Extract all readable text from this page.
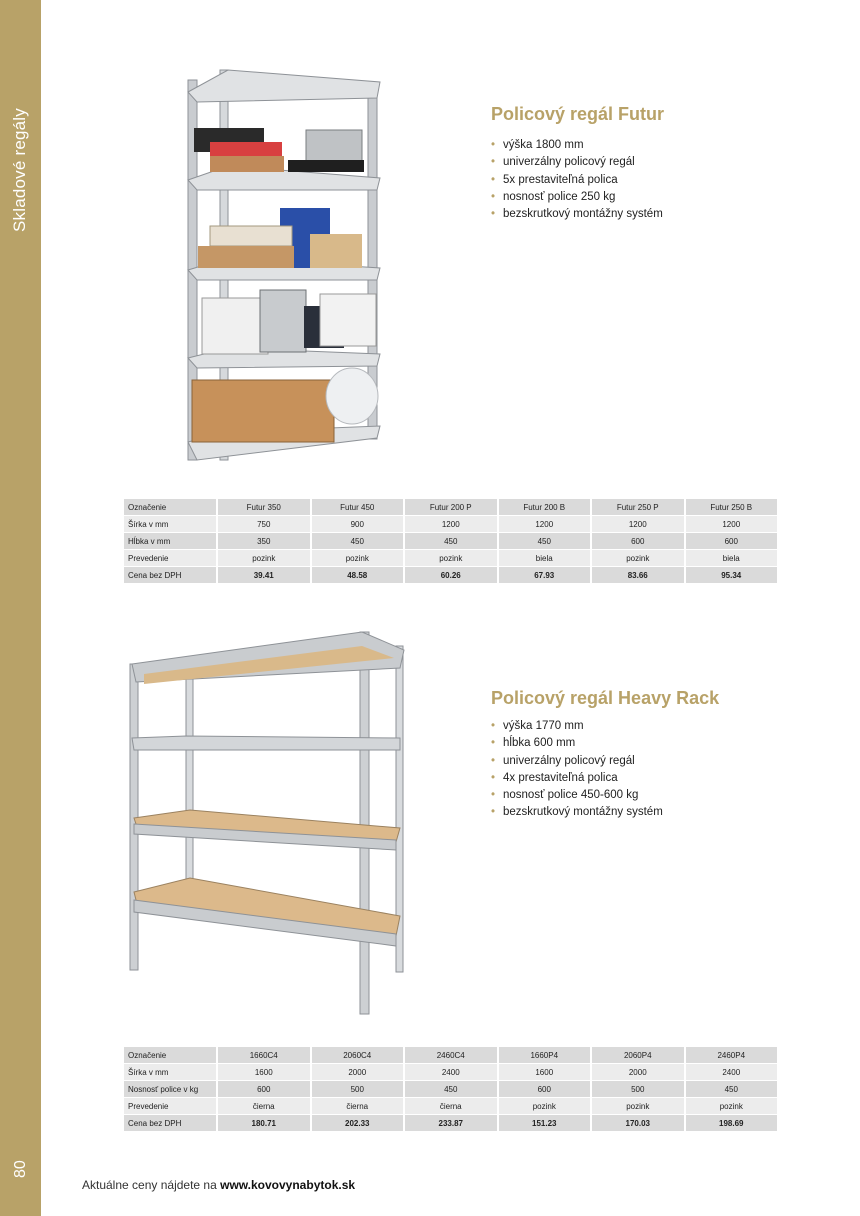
Skladové regály
80
Policový regál Futur
• výška 1800 mm
• univerzálny policový regál
• 5x prestaviteľná polica
• nosnosť police 250 kg
• bezskrutkový montážny systém
Označenie	Futur 350	Futur 450	Futur 200 P	Futur 200 B	Futur 250 P	Futur 250 B
Šírka v mm	750	900	1200	1200	1200	1200
Hĺbka v mm	350	450	450	450	600	600
Prevedenie	pozink	pozink	pozink	biela	pozink	biela
Cena bez DPH	39.41	48.58	60.26	67.93	83.66	95.34
Policový regál Heavy Rack
• výška 1770 mm
• hĺbka 600 mm
• univerzálny policový regál
• 4x prestaviteľná polica
• nosnosť police 450-600 kg
• bezskrutkový montážny systém
Označenie	1660C4	2060C4	2460C4	1660P4	2060P4	2460P4
Šírka v mm	1600	2000	2400	1600	2000	2400
Nosnosť police v kg	600	500	450	600	500	450
Prevedenie	čierna	čierna	čierna	pozink	pozink	pozink
Cena bez DPH	180.71	202.33	233.87	151.23	170.03	198.69
Aktuálne ceny nájdete na www.kovovynabytok.sk
